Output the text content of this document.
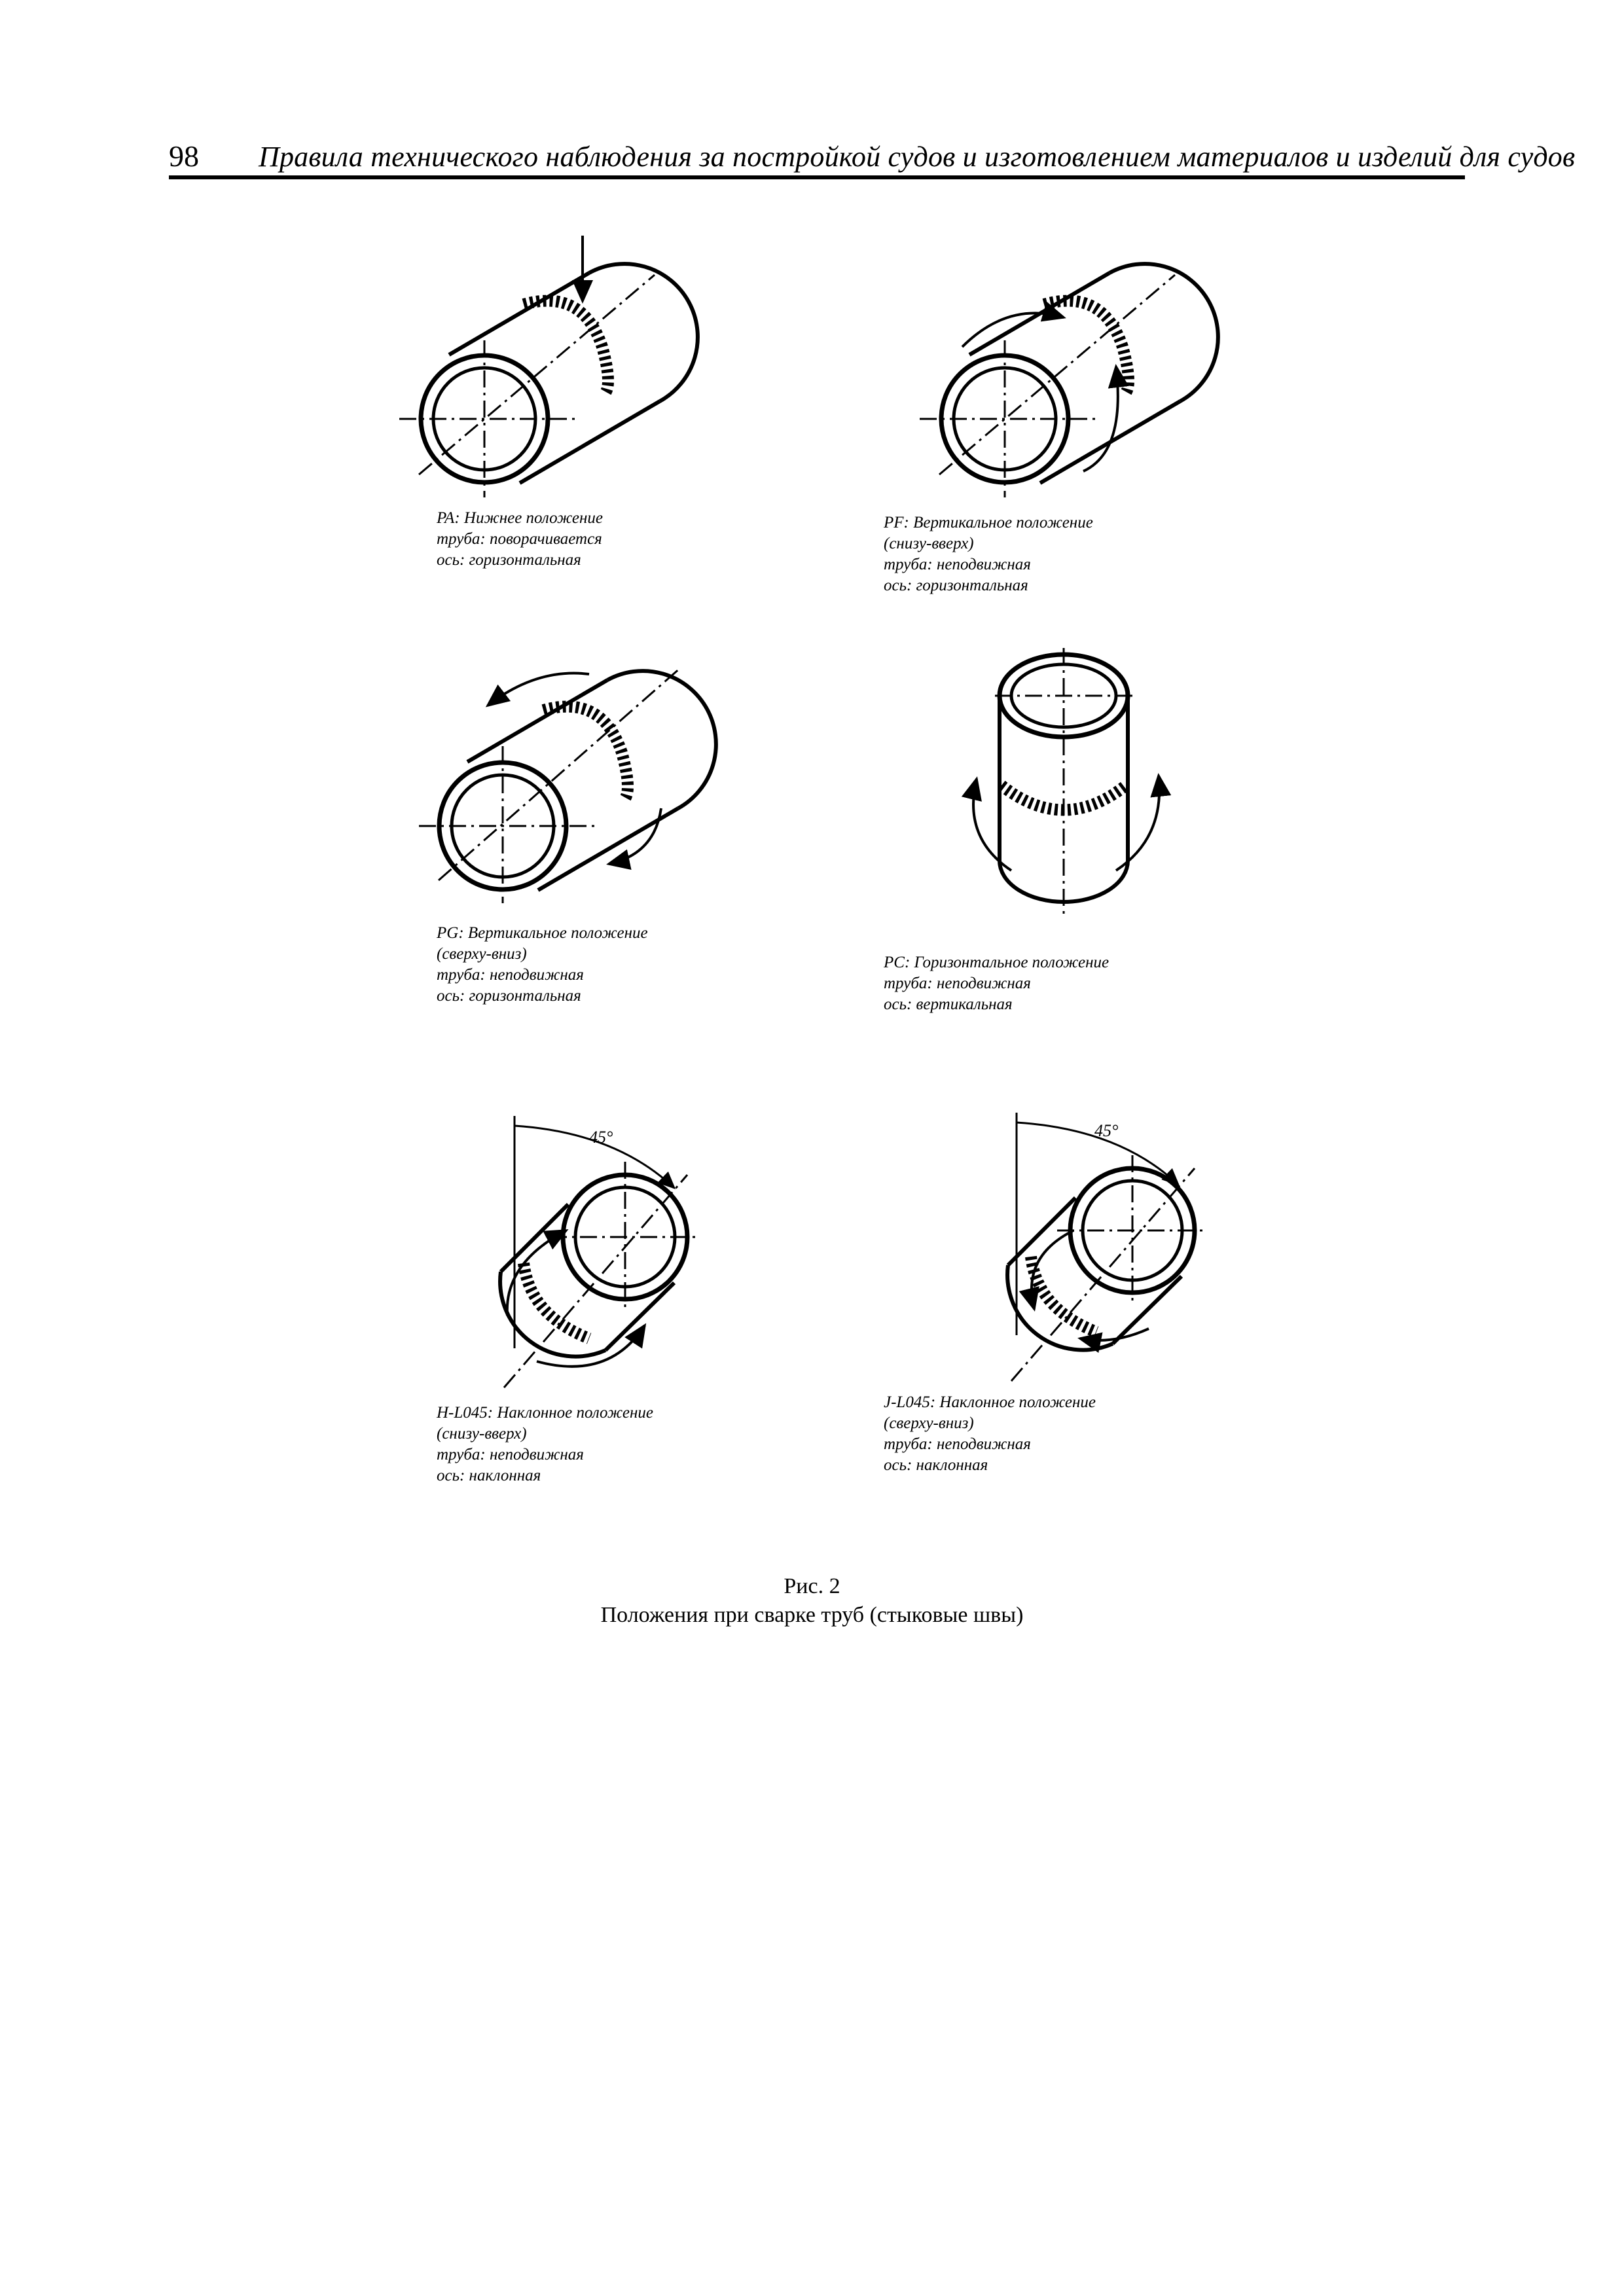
98 Правила технического наблюдения за постройкой судов и изготовлением материалов и изделий для судов
45°	45°
PA: Нижнее положение
труба: поворачивается
ось: горизонтальная
PF: Вертикальное положение
(снизу-вверх)
труба: неподвижная
ось: горизонтальная
PG: Вертикальное положение
(сверху-вниз)
труба: неподвижная
ось: горизонтальная
PC: Горизонтальное положение
труба: неподвижная
ось: вертикальная
H-L045: Наклонное положение
(снизу-вверх)
труба: неподвижная
ось: наклонная
J-L045: Наклонное положение
(сверху-вниз)
труба: неподвижная
ось: наклонная
Рис. 2
Положения при сварке труб (стыковые швы)
